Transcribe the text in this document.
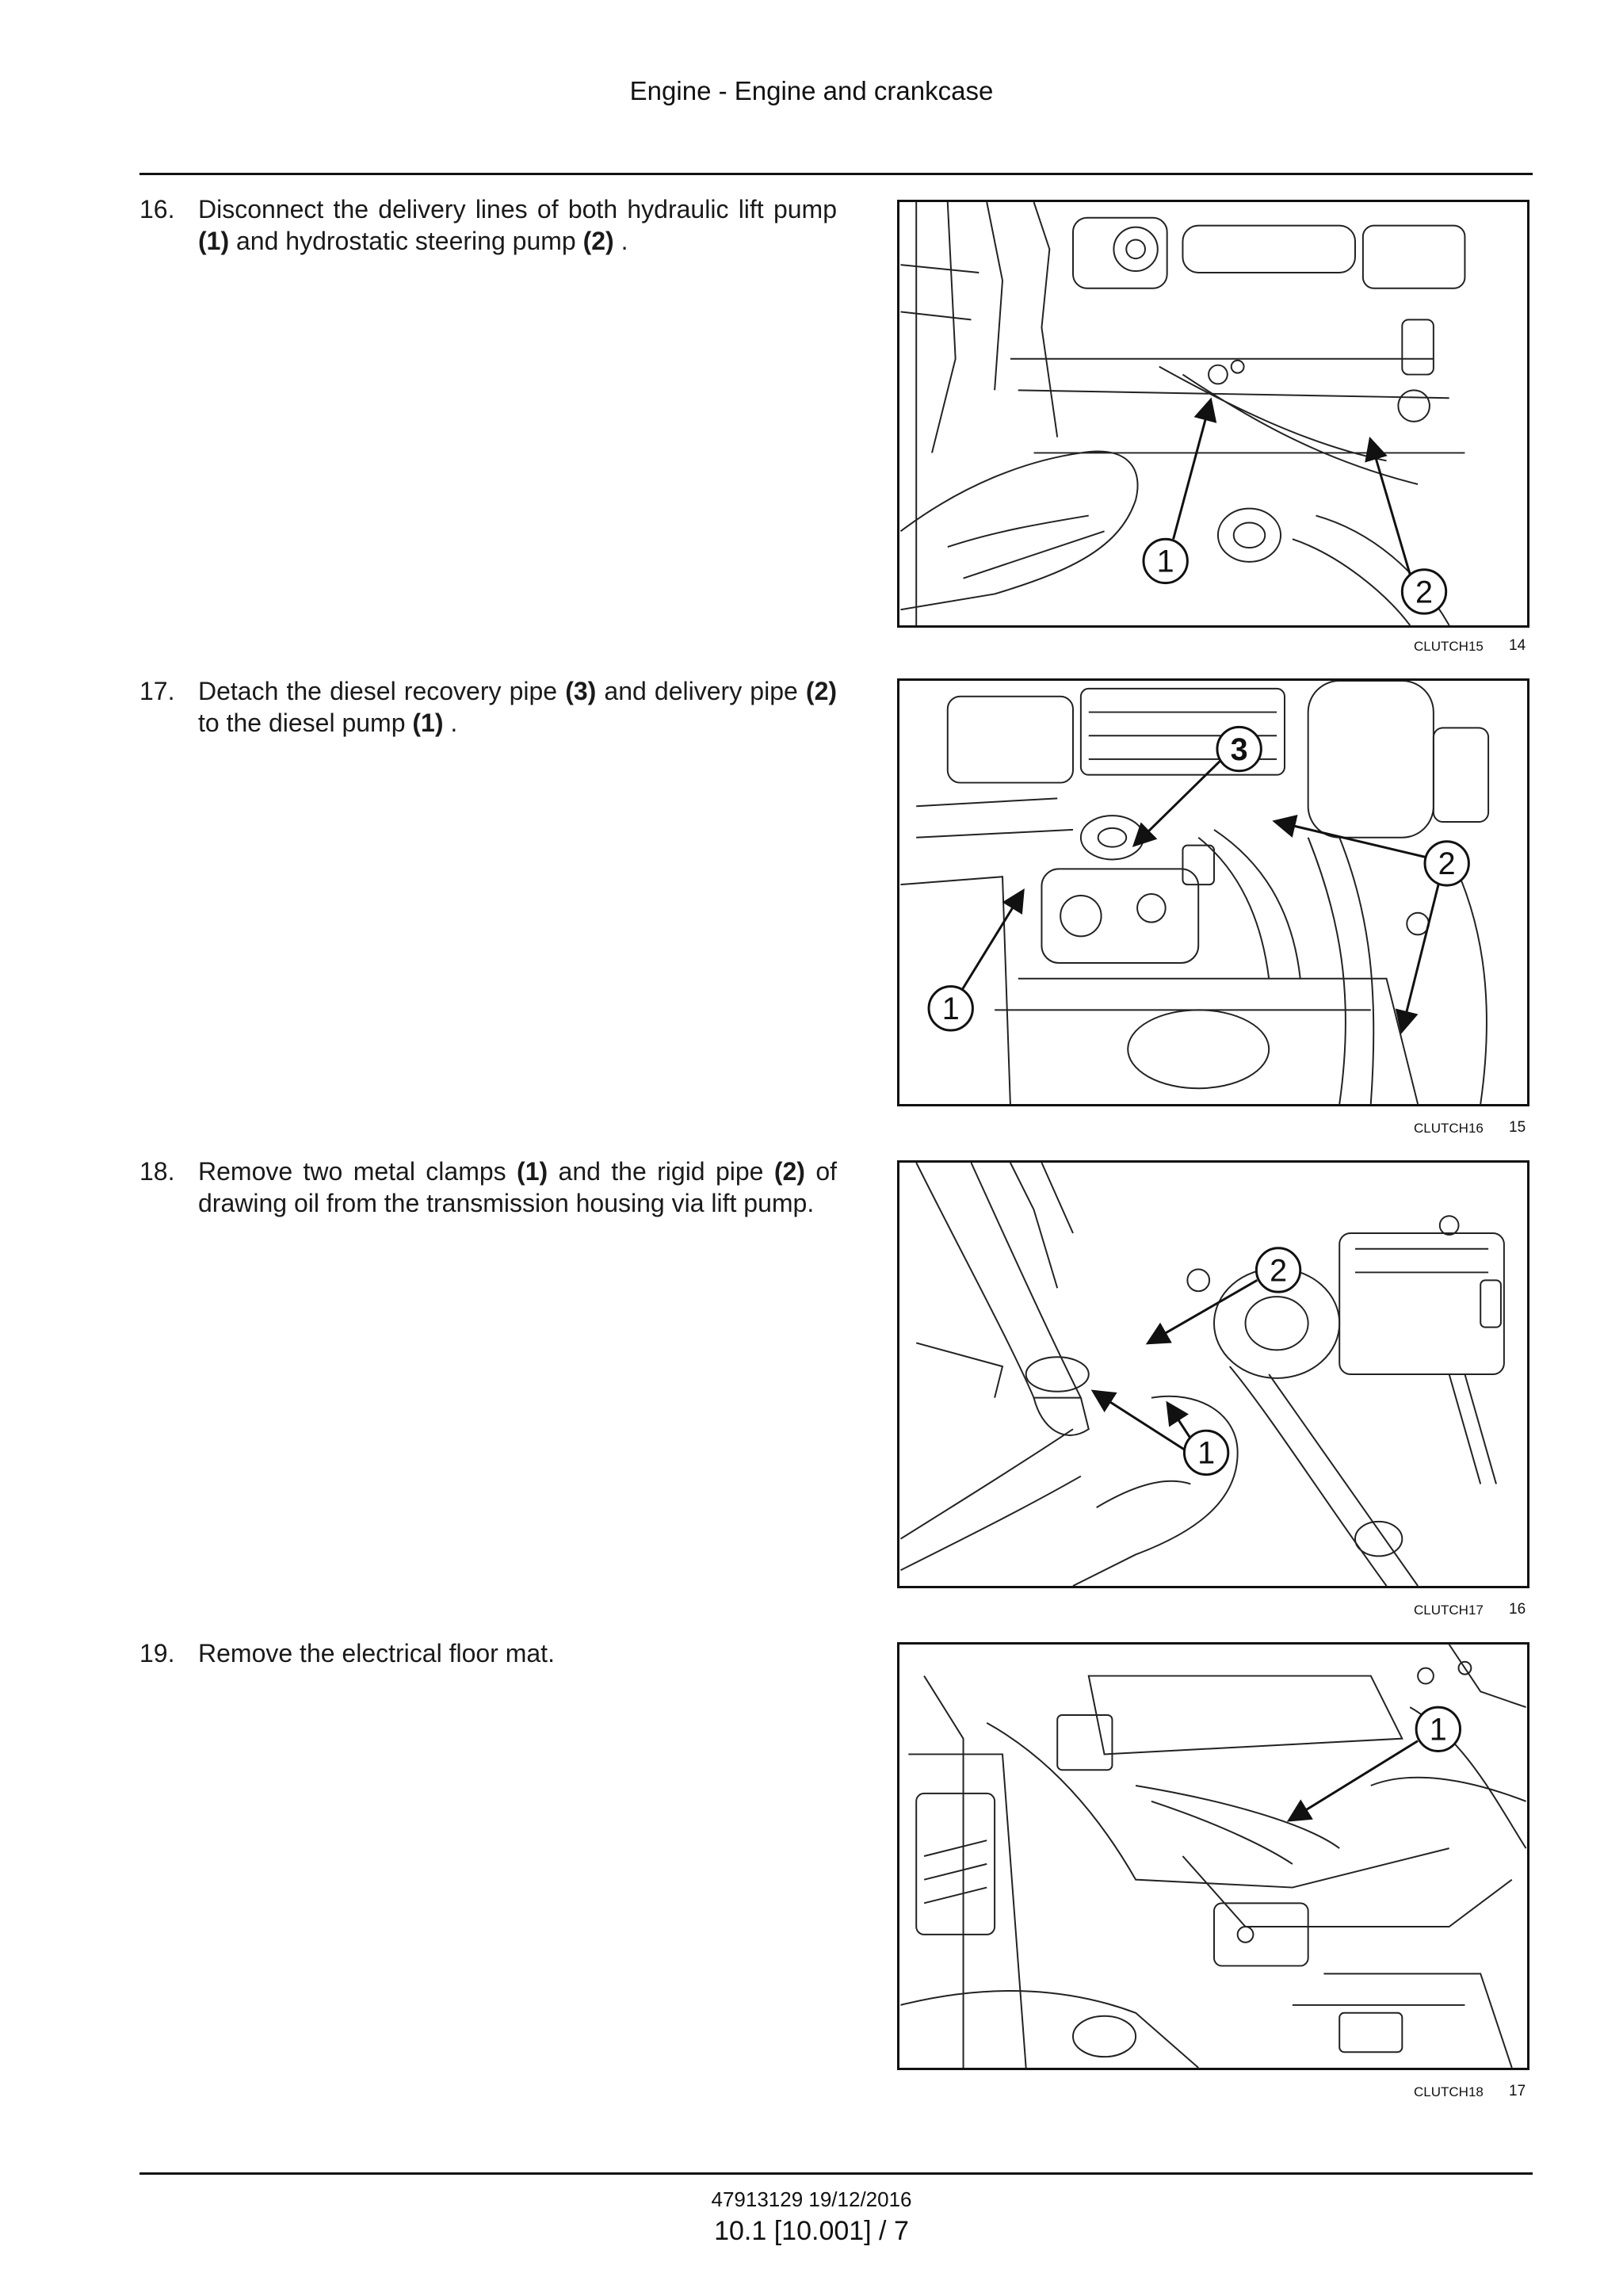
Engine - Engine and crankcase
16. Disconnect the delivery lines of both hydraulic lift pump (1) and hydrostatic steering pump (2) .
1
2
CLUTCH15 14
17. Detach the diesel recovery pipe (3) and delivery pipe (2) to the diesel pump (1) .
3
2
1
CLUTCH16 15
18. Remove two metal clamps (1) and the rigid pipe (2) of drawing oil from the transmission housing via lift pump.
2
1
CLUTCH17 16
19. Remove the electrical floor mat.
1
CLUTCH18 17
47913129 19/12/2016
10.1 [10.001] / 7
